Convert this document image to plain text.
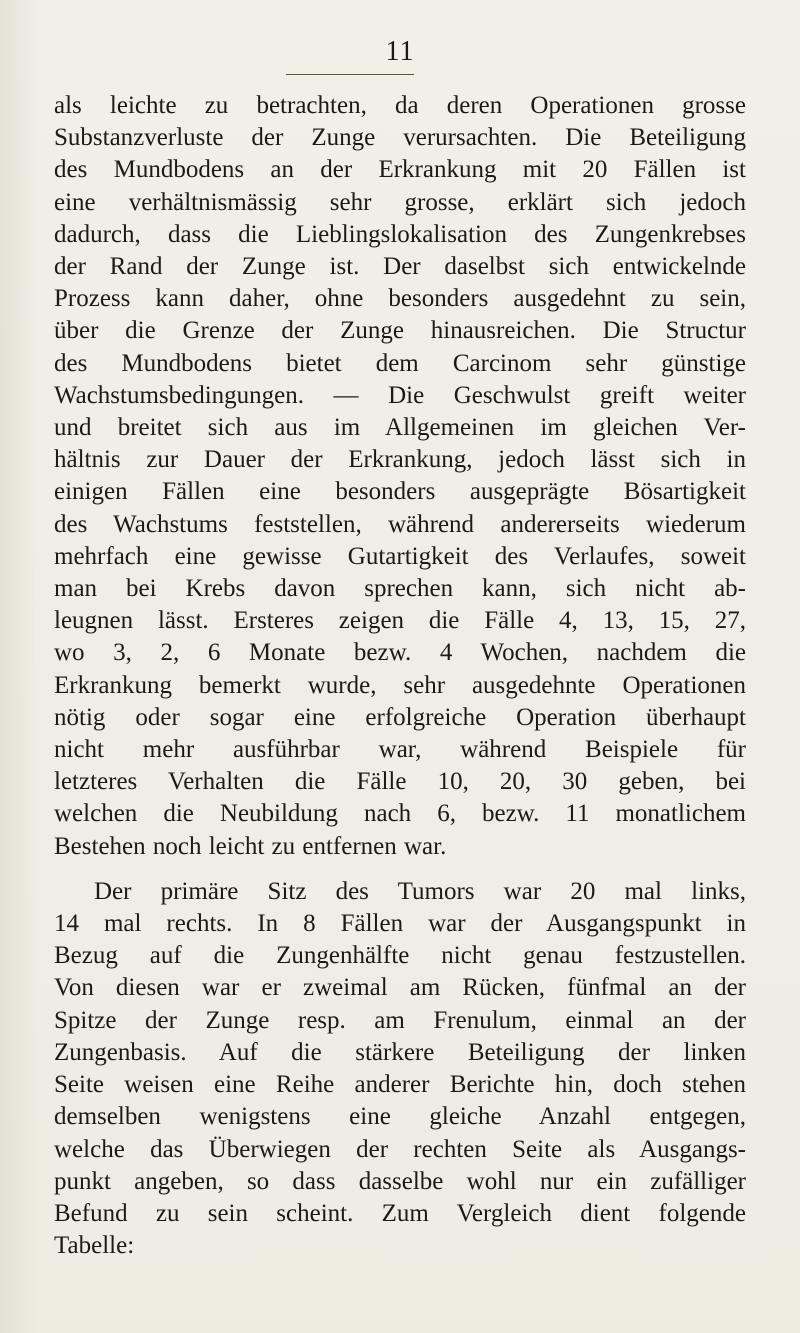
11

als leichte zu betrachten, da deren Operationen grosse
Substanzverluste der Zunge verursachten. Die Beteiligung
des Mundbodens an der Erkrankung mit 20 Fällen ist
eine verhältnismässig sehr grosse, erklärt sich jedoch
dadurch, dass die Lieblingslokalisation des Zungenkrebses
der Rand der Zunge ist. Der daselbst sich entwickelnde
Prozess kann daher, ohne besonders ausgedehnt zu sein,
über die Grenze der Zunge hinausreichen. Die Structur
des Mundbodens bietet dem Carcinom sehr günstige
Wachstumsbedingungen. — Die Geschwulst greift weiter
und breitet sich aus im Allgemeinen im gleichen Ver-
hältnis zur Dauer der Erkrankung, jedoch lässt sich in
einigen Fällen eine besonders ausgeprägte Bösartigkeit
des Wachstums feststellen, während andererseits wiederum
mehrfach eine gewisse Gutartigkeit des Verlaufes, soweit
man bei Krebs davon sprechen kann, sich nicht ab-
leugnen lässt. Ersteres zeigen die Fälle 4, 13, 15, 27,
wo 3, 2, 6 Monate bezw. 4 Wochen, nachdem die
Erkrankung bemerkt wurde, sehr ausgedehnte Operationen
nötig oder sogar eine erfolgreiche Operation überhaupt
nicht mehr ausführbar war, während Beispiele für
letzteres Verhalten die Fälle 10, 20, 30 geben, bei
welchen die Neubildung nach 6, bezw. 11 monatlichem
Bestehen noch leicht zu entfernen war.

Der primäre Sitz des Tumors war 20 mal links,
14 mal rechts. In 8 Fällen war der Ausgangspunkt in
Bezug auf die Zungenhälfte nicht genau festzustellen.
Von diesen war er zweimal am Rücken, fünfmal an der
Spitze der Zunge resp. am Frenulum, einmal an der
Zungenbasis. Auf die stärkere Beteiligung der linken
Seite weisen eine Reihe anderer Berichte hin, doch stehen
demselben wenigstens eine gleiche Anzahl entgegen,
welche das Überwiegen der rechten Seite als Ausgangs-
punkt angeben, so dass dasselbe wohl nur ein zufälliger
Befund zu sein scheint. Zum Vergleich dient folgende
Tabelle:
